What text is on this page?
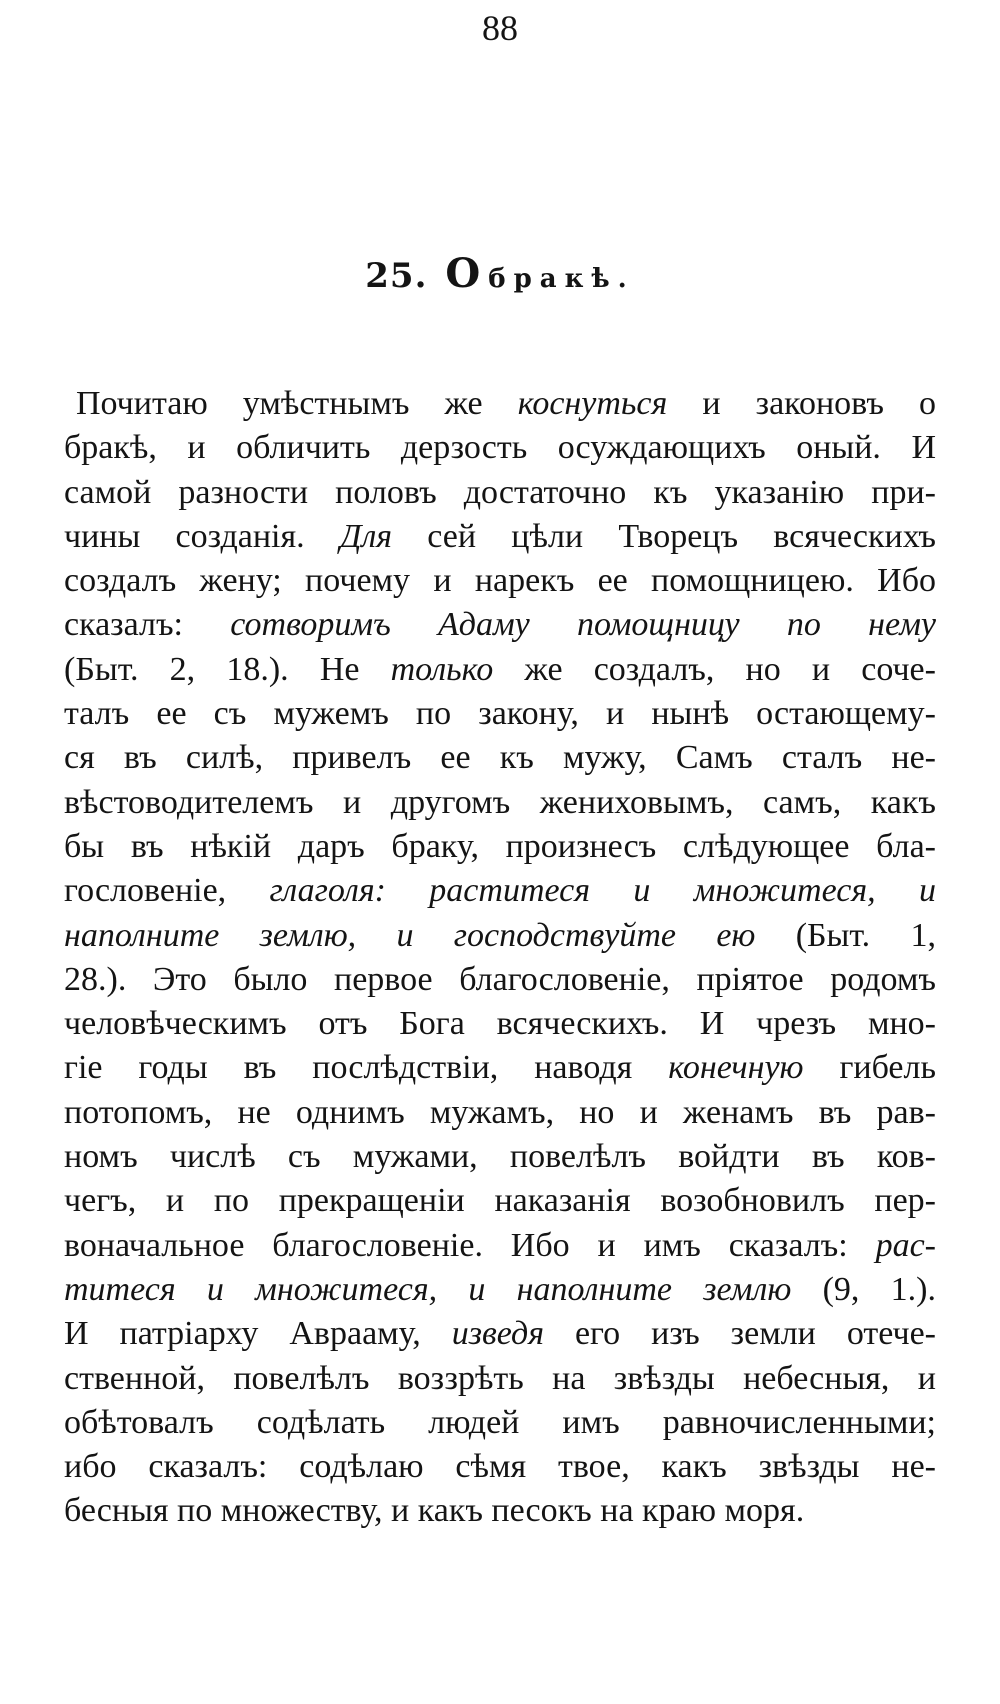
88
25. О бракѣ.
Почитаю умѣстнымъ же коснуться и законовъ о
бракѣ, и обличить дерзость осуждающихъ оный. И
самой разности половъ достаточно къ указанію при-
чины созданія. Для сей цѣли Творецъ всяческихъ
создалъ жену; почему и нарекъ ее помощницею. Ибо
сказалъ: сотворимъ Адаму помощницу по нему
(Быт. 2, 18.). Не только же создалъ, но и соче-
талъ ее съ мужемъ по закону, и нынѣ остающему-
ся въ силѣ, привелъ ее къ мужу, Самъ сталъ не-
вѣстоводителемъ и другомъ жениховымъ, самъ, какъ
бы въ нѣкій даръ браку, произнесъ слѣдующее бла-
гословеніе, глаголя: раститеся и множитеся, и
наполните землю, и господствуйте ею (Быт. 1,
28.). Это было первое благословеніе, пріятое родомъ
человѣческимъ отъ Бога всяческихъ. И чрезъ мно-
гіе годы въ послѣдствіи, наводя конечную гибель
потопомъ, не однимъ мужамъ, но и женамъ въ рав-
номъ числѣ съ мужами, повелѣлъ войдти въ ков-
чегъ, и по прекращеніи наказанія возобновилъ пер-
воначальное благословеніе. Ибо и имъ сказалъ: рас-
титеся и множитеся, и наполните землю (9, 1.).
И патріарху Аврааму, изведя его изъ земли отече-
ственной, повелѣлъ воззрѣть на звѣзды небесныя, и
обѣтовалъ содѣлать людей имъ равночисленными;
ибо сказалъ: содѣлаю сѣмя твое, какъ звѣзды не-
бесныя по множеству, и какъ песокъ на краю моря.
